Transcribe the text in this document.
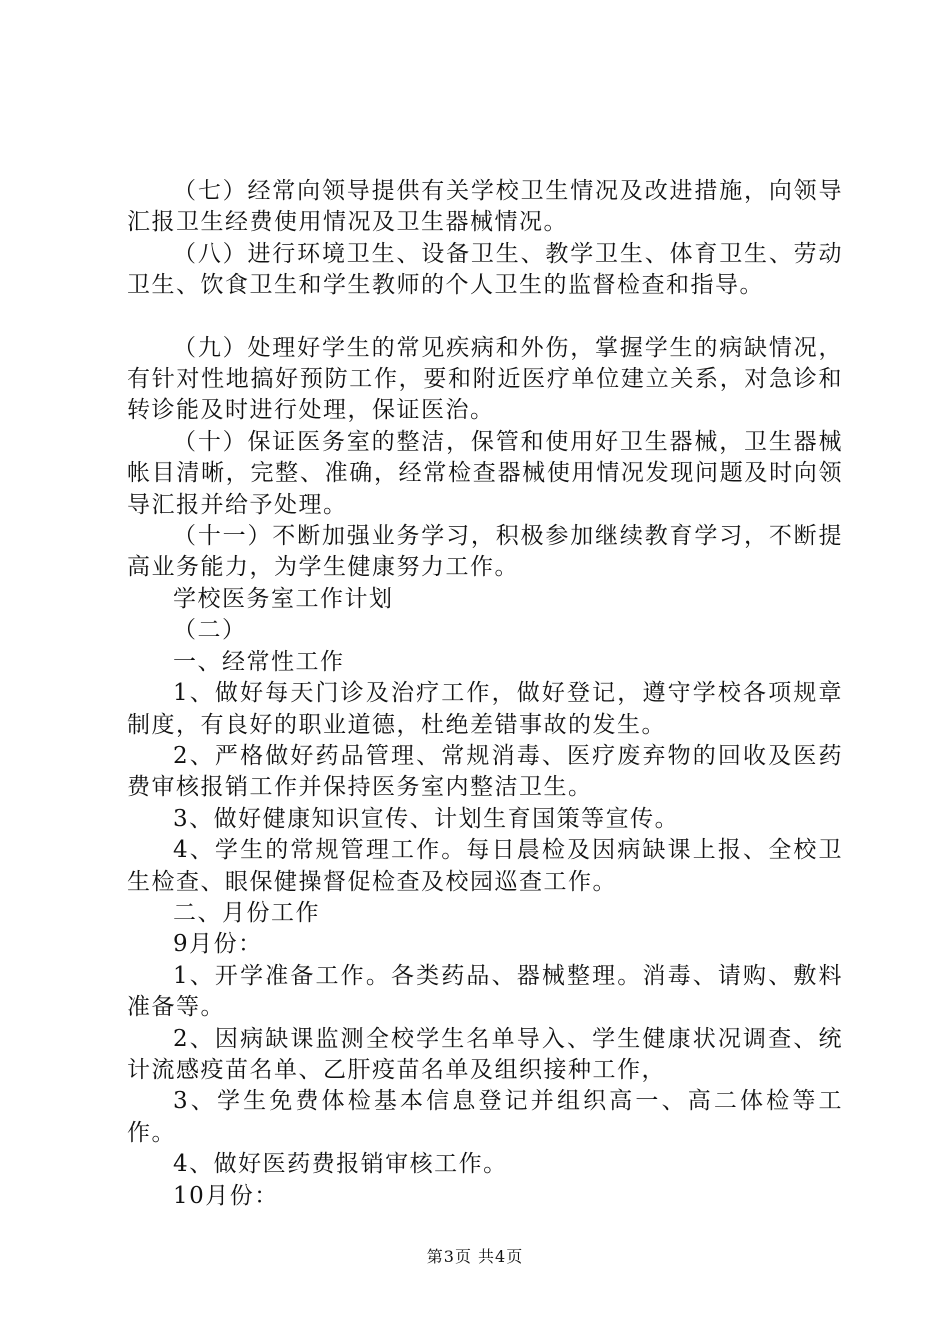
（七）经常向领导提供有关学校卫生情况及改进措施，向领导汇报卫生经费使用情况及卫生器械情况。

（八）进行环境卫生、设备卫生、教学卫生、体育卫生、劳动卫生、饮食卫生和学生教师的个人卫生的监督检查和指导。

（九）处理好学生的常见疾病和外伤，掌握学生的病缺情况，有针对性地搞好预防工作，要和附近医疗单位建立关系，对急诊和转诊能及时进行处理，保证医治。

（十）保证医务室的整洁，保管和使用好卫生器械，卫生器械帐目清晰，完整、准确，经常检查器械使用情况发现问题及时向领导汇报并给予处理。

（十一）不断加强业务学习，积极参加继续教育学习，不断提高业务能力，为学生健康努力工作。

学校医务室工作计划

（二）

一、经常性工作

1、做好每天门诊及治疗工作，做好登记，遵守学校各项规章制度，有良好的职业道德，杜绝差错事故的发生。

2、严格做好药品管理、常规消毒、医疗废弃物的回收及医药费审核报销工作并保持医务室内整洁卫生。

3、做好健康知识宣传、计划生育国策等宣传。

4、学生的常规管理工作。每日晨检及因病缺课上报、全校卫生检查、眼保健操督促检查及校园巡查工作。

二、月份工作

9月份：

1、开学准备工作。各类药品、器械整理。消毒、请购、敷料准备等。

2、因病缺课监测全校学生名单导入、学生健康状况调查、统计流感疫苗名单、乙肝疫苗名单及组织接种工作，

3、学生免费体检基本信息登记并组织高一、高二体检等工作。

4、做好医药费报销审核工作。

10月份：

第3页 共4页
